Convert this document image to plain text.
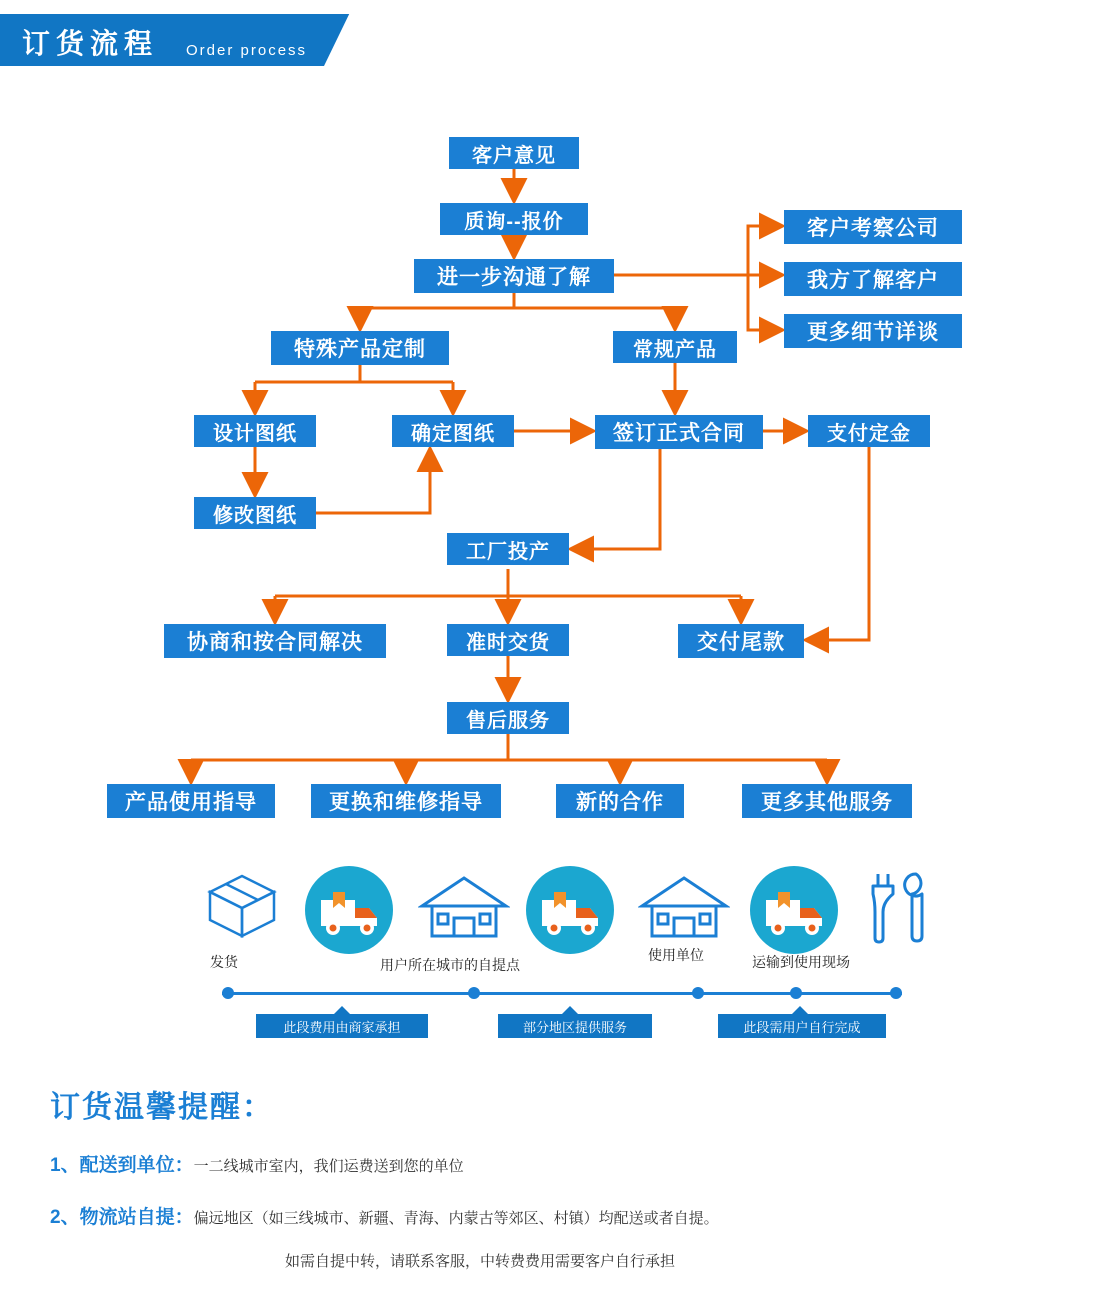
订货流程 Order process
客户意见
质询--报价
进一步沟通了解
客户考察公司
我方了解客户
更多细节详谈
特殊产品定制	常规产品
设计图纸	确定图纸	签订正式合同	支付定金
修改图纸
工厂投产
协商和按合同解决	准时交货	交付尾款
售后服务
产品使用指导	更换和维修指导	新的合作	更多其他服务
发货	用户所在城市的自提点
使用单位	运输到使用现场
此段费用由商家承担	部分地区提供服务	此段需用户自行完成
订货温馨提醒：
1、配送到单位：一二线城市室内，我们运费送到您的单位
2、物流站自提：偏远地区（如三线城市、新疆、青海、内蒙古等郊区、村镇）均配送或者自提。
如需自提中转，请联系客服，中转费费用需要客户自行承担
